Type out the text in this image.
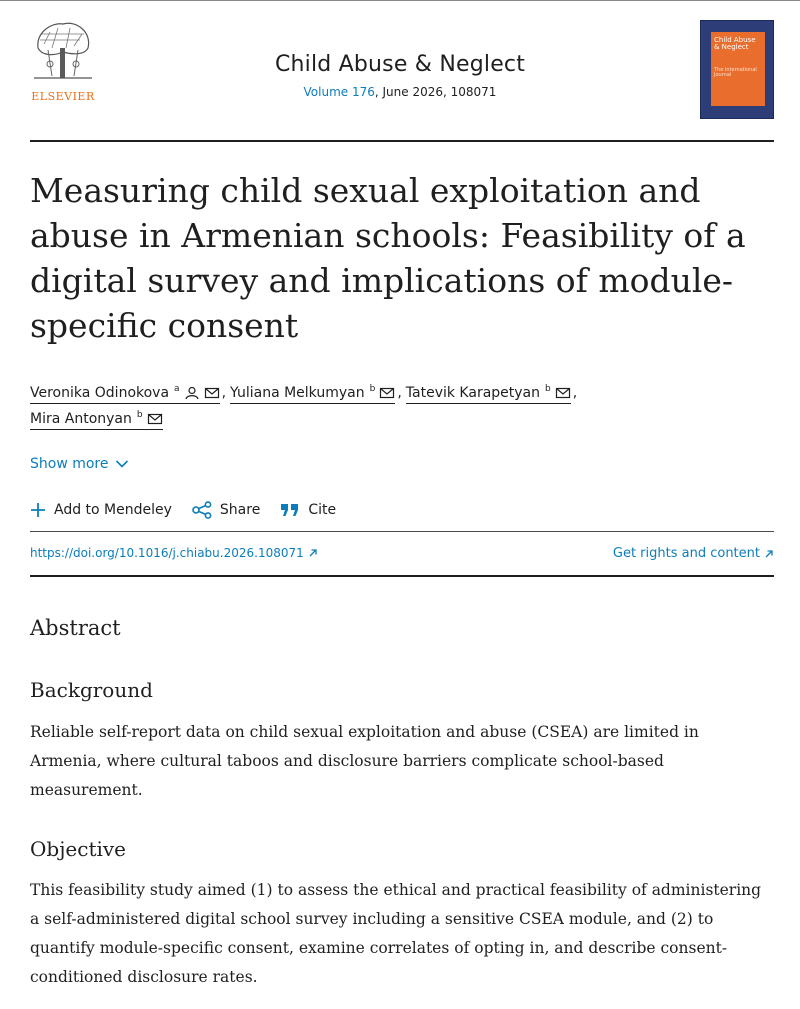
ELSEVIER
Child Abuse & Neglect
Volume 176, June 2026, 108071
Child Abuse & Neglect
The International Journal
Measuring child sexual exploitation and abuse in Armenian schools: Feasibility of a digital survey and implications of module-specific consent
Veronika Odinokova $^a$	, Yuliana Melkumyan $^b$ , Tatevik Karapetyan $^b$ ,
Mira Antonyan $^b$
Show more
Add to Mendeley	Share	Cite
https://doi.org/10.1016/j.chiabu.2026.108071	Get rights and content
Abstract
Background

Reliable self-report data on child sexual exploitation and abuse (CSEA) are limited in Armenia, where cultural taboos and disclosure barriers complicate school-based measurement.

Objective

This feasibility study aimed (1) to assess the ethical and practical feasibility of administering a self-administered digital school survey including a sensitive CSEA module, and (2) to quantify module-specific consent, examine correlates of opting in, and describe consent-conditioned disclosure rates.
